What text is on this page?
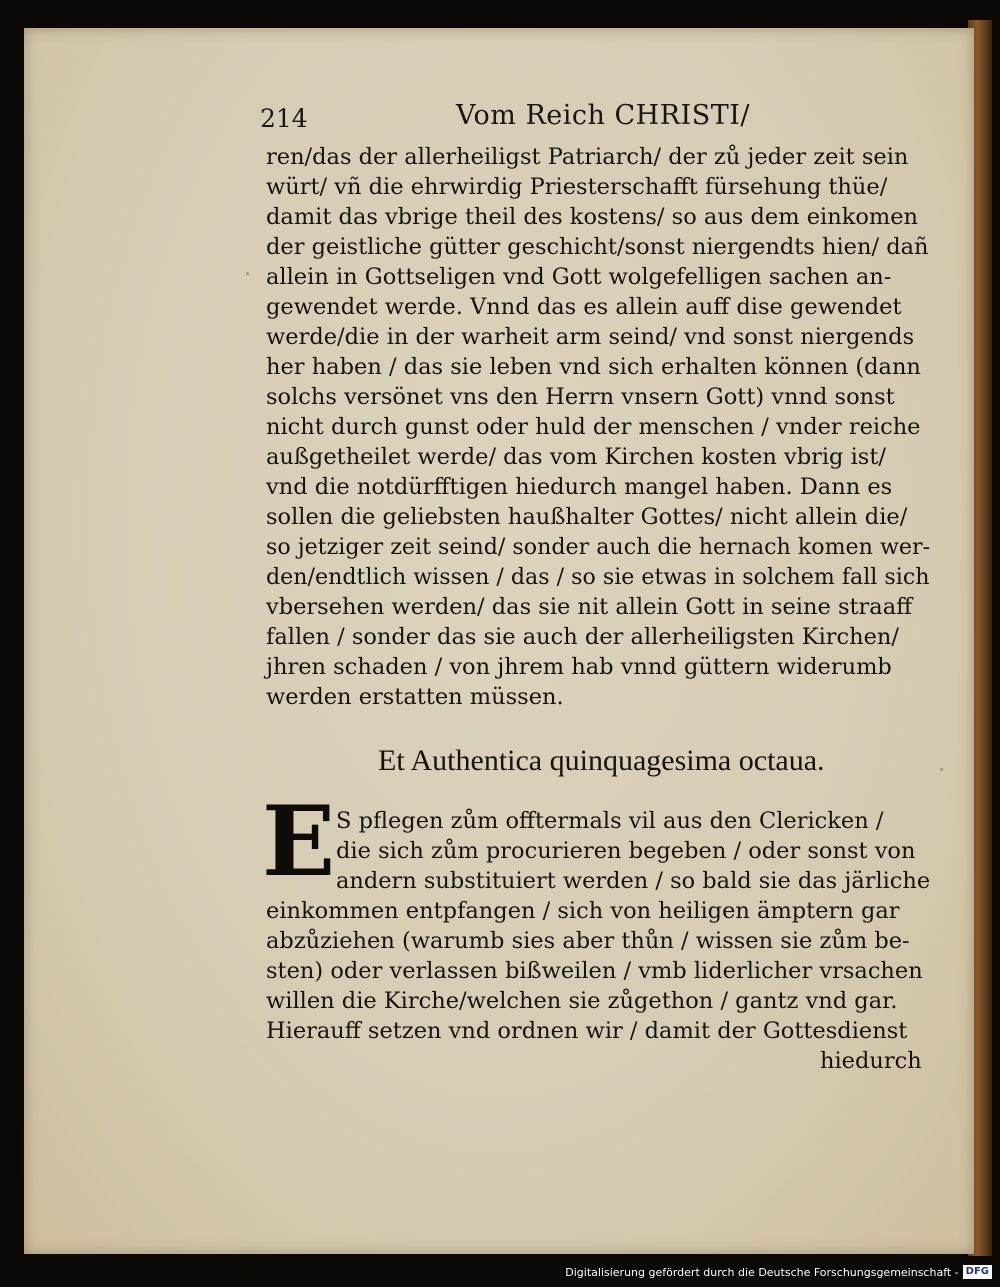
214	Vom Reich CHRISTI/
ren/das der allerheiligst Patriarch/ der zů jeder zeit sein
würt/ vñ die ehrwirdig Priesterschafft fürsehung thüe/
damit das vbrige theil des kostens/ so aus dem einkomen
der geistliche gütter geschicht/sonst niergendts hien/ dañ
allein in Gottseligen vnd Gott wolgefelligen sachen an-
gewendet werde. Vnnd das es allein auff dise gewendet
werde/die in der warheit arm seind/ vnd sonst niergends
her haben / das sie leben vnd sich erhalten können (dann
solchs versönet vns den Herrn vnsern Gott) vnnd sonst
nicht durch gunst oder huld der menschen / vnder reiche
außgetheilet werde/ das vom Kirchen kosten vbrig ist/
vnd die notdürfftigen hiedurch mangel haben. Dann es
sollen die geliebsten haußhalter Gottes/ nicht allein die/
so jetziger zeit seind/ sonder auch die hernach komen wer-
den/endtlich wissen / das / so sie etwas in solchem fall sich
vbersehen werden/ das sie nit allein Gott in seine straaff
fallen / sonder das sie auch der allerheiligsten Kirchen/
jhren schaden / von jhrem hab vnnd güttern widerumb
werden erstatten müssen.
Et Authentica quinquagesima octaua.
E S pflegen zům offtermals vil aus den Clericken /
die sich zům procurieren begeben / oder sonst von
andern substituiert werden / so bald sie das järliche
einkommen entpfangen / sich von heiligen ämptern gar
abzůziehen (warumb sies aber thůn / wissen sie zům be-
sten) oder verlassen bißweilen / vmb liderlicher vrsachen
willen die Kirche/welchen sie zůgethon / gantz vnd gar.
Hierauff setzen vnd ordnen wir / damit der Gottesdienst
hiedurch
Digitalisierung gefördert durch die Deutsche Forschungsgemeinschaft - DFG
